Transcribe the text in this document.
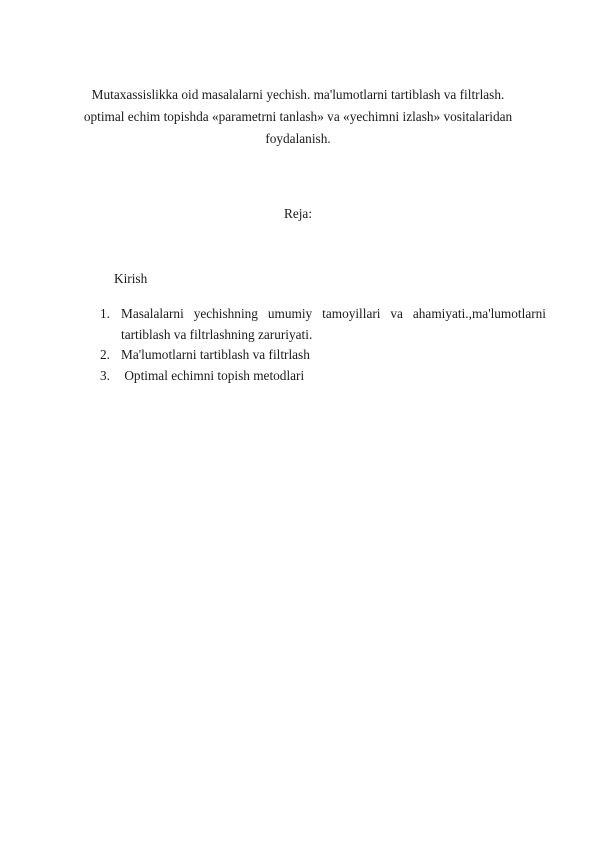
Mutaxassislikka oid masalalarni yechish. ma'lumotlarni tartiblash va filtrlash.
optimal echim topishda «parametrni tanlash» va «yechimni izlash» vositalaridan
foydalanish.
Reja:
Kirish
1. Masalalarni yechishning umumiy tamoyillari va ahamiyati.,ma'lumotlarni
tartiblash va filtrlashning zaruriyati.
2. Ma'lumotlarni tartiblash va filtrlash
3. Optimal echimni topish metodlari
